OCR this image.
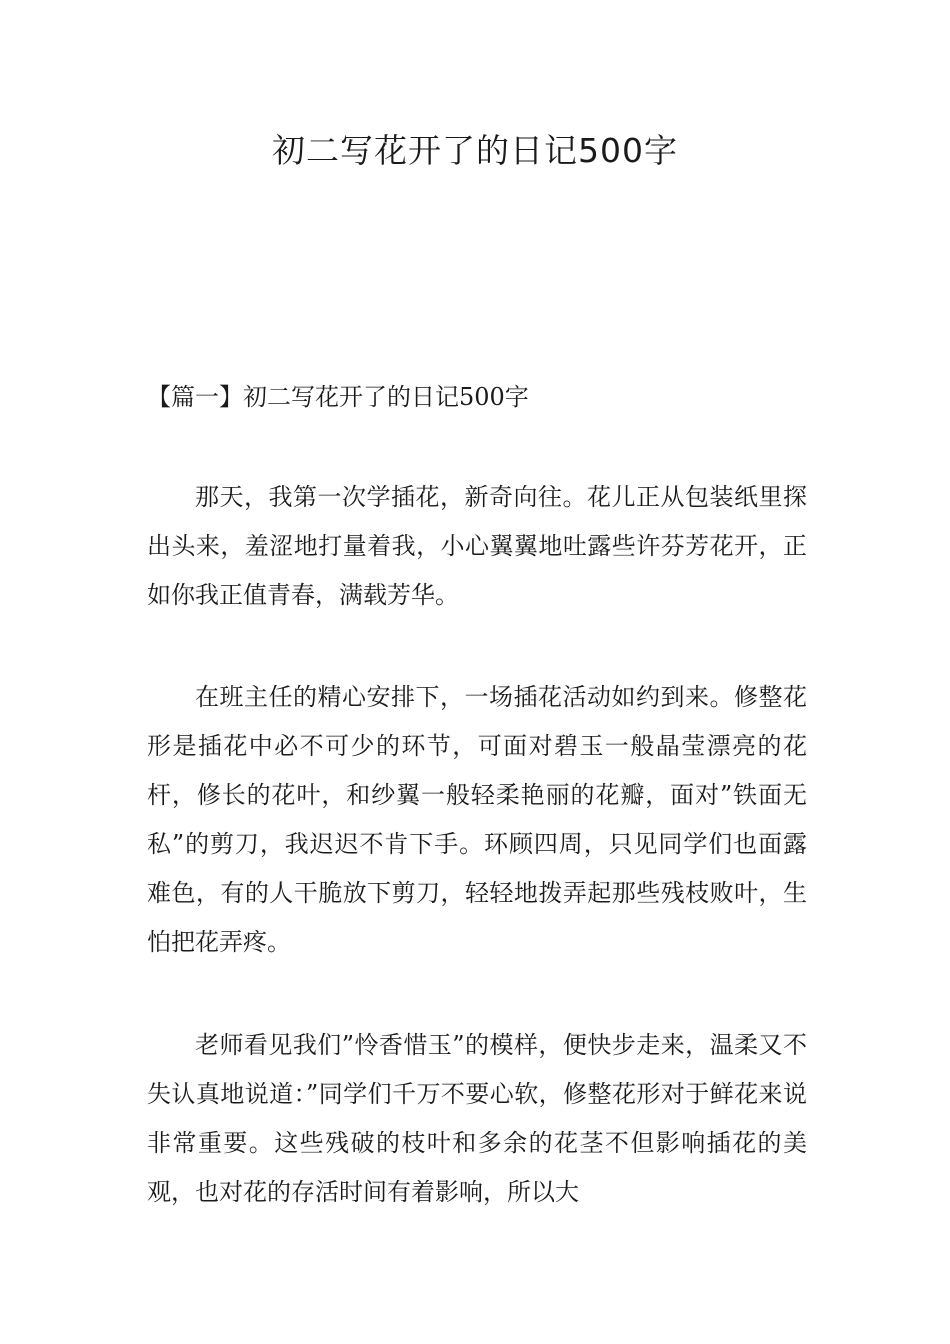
初二写花开了的日记500字

【篇一】初二写花开了的日记500字

那天，我第一次学插花，新奇向往。花儿正从包装纸里探出头来，羞涩地打量着我，小心翼翼地吐露些许芬芳花开，正如你我正值青春，满载芳华。

在班主任的精心安排下，一场插花活动如约到来。修整花形是插花中必不可少的环节，可面对碧玉一般晶莹漂亮的花杆，修长的花叶，和纱翼一般轻柔艳丽的花瓣，面对”铁面无私”的剪刀，我迟迟不肯下手。环顾四周，只见同学们也面露难色，有的人干脆放下剪刀，轻轻地拨弄起那些残枝败叶，生怕把花弄疼。

老师看见我们”怜香惜玉”的模样，便快步走来，温柔又不失认真地说道：”同学们千万不要心软，修整花形对于鲜花来说非常重要。这些残破的枝叶和多余的花茎不但影响插花的美观，也对花的存活时间有着影响，所以大
